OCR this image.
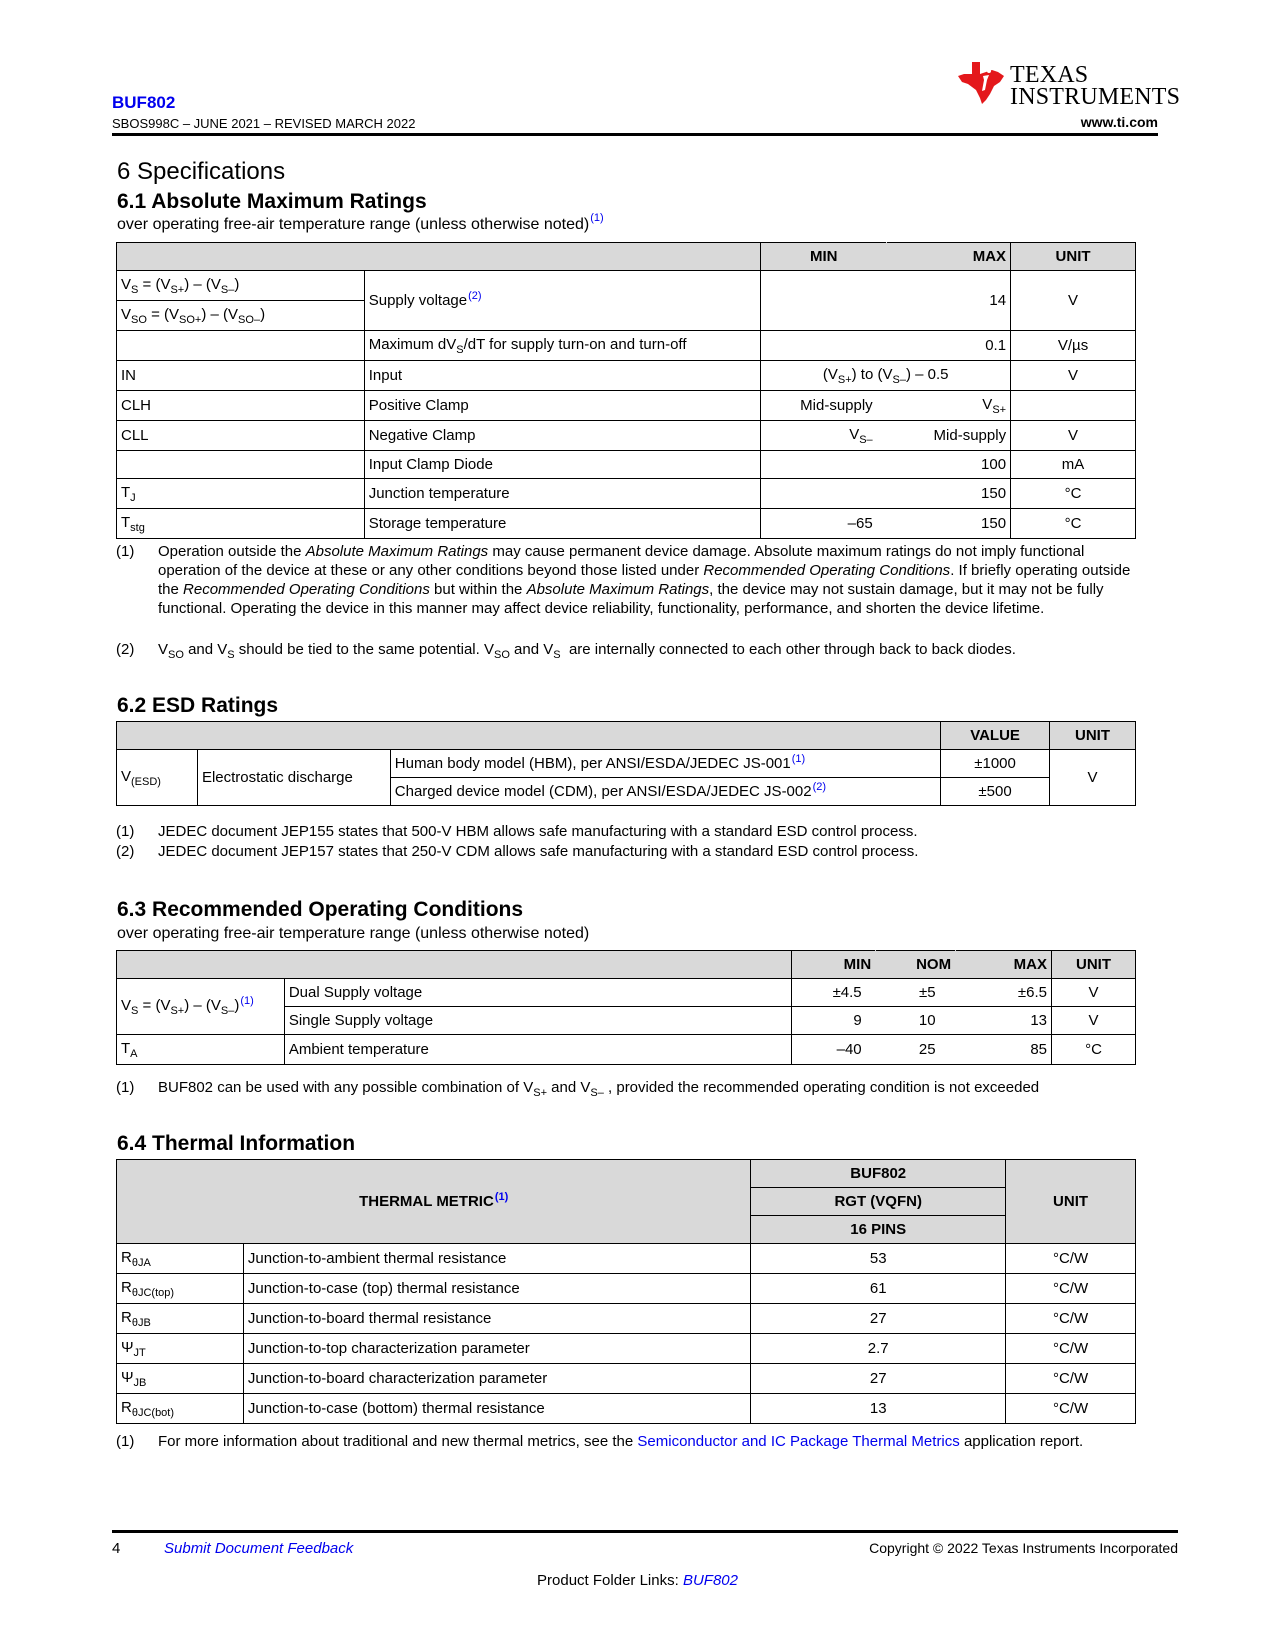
BUF802
SBOS998C – JUNE 2021 – REVISED MARCH 2022
TEXAS
INSTRUMENTS
www.ti.com
6 Specifications
6.1 Absolute Maximum Ratings
over operating free-air temperature range (unless otherwise noted)$^{(1)}$
		MIN	MAX	UNIT
$V_S = (V_{S+}) - (V_{S-})$	Supply voltage$^{(2)}$		14	V
$V_{SO} = (V_{SO+}) - (V_{SO-})$				
	Maximum $dV_S/dT$ for supply turn-on and turn-off		0.1	V/µs
IN	Input	$(V_{S+})$ to $(V_{S-}) - 0.5$		V
CLH	Positive Clamp	Mid-supply	$V_{S+}$	
CLL	Negative Clamp	$V_{S-}$	Mid-supply	V
	Input Clamp Diode		100	mA
$T_J$	Junction temperature		150	°C
$T_{stg}$	Storage temperature	–65	150	°C
(1) Operation outside the Absolute Maximum Ratings may cause permanent device damage. Absolute maximum ratings do not imply functional operation of the device at these or any other conditions beyond those listed under Recommended Operating Conditions. If briefly operating outside the Recommended Operating Conditions but within the Absolute Maximum Ratings, the device may not sustain damage, but it may not be fully functional. Operating the device in this manner may affect device reliability, functionality, performance, and shorten the device lifetime.
(2) $V_{SO}$ and $V_S$ should be tied to the same potential. $V_{SO}$ and $V_S$  are internally connected to each other through back to back diodes.
6.2 ESD Ratings
			VALUE	UNIT
$V_{(ESD)}$	Electrostatic discharge	Human body model (HBM), per ANSI/ESDA/JEDEC JS-001$^{(1)}$	±1000	V
		Charged device model (CDM), per ANSI/ESDA/JEDEC JS-002$^{(2)}$	±500	
(1) JEDEC document JEP155 states that 500-V HBM allows safe manufacturing with a standard ESD control process.
(2) JEDEC document JEP157 states that 250-V CDM allows safe manufacturing with a standard ESD control process.
6.3 Recommended Operating Conditions
over operating free-air temperature range (unless otherwise noted)
		MIN	NOM	MAX	UNIT
$V_S = (V_{S+}) - (V_{S-})^{(1)}$	Dual Supply voltage	±4.5	±5	±6.5	V
	Single Supply voltage	9	10	13	V
$T_A$	Ambient temperature	–40	25	85	°C
(1) BUF802 can be used with any possible combination of $V_{S+}$ and $V_{S-}$ , provided the recommended operating condition is not exceeded
6.4 Thermal Information
THERMAL METRIC$^{(1)}$		BUF802	UNIT
		RGT (VQFN)	
		16 PINS	
$R_{\theta JA}$	Junction-to-ambient thermal resistance	53	°C/W
$R_{\theta JC(top)}$	Junction-to-case (top) thermal resistance	61	°C/W
$R_{\theta JB}$	Junction-to-board thermal resistance	27	°C/W
$\Psi_{JT}$	Junction-to-top characterization parameter	2.7	°C/W
$\Psi_{JB}$	Junction-to-board characterization parameter	27	°C/W
$R_{\theta JC(bot)}$	Junction-to-case (bottom) thermal resistance	13	°C/W
(1) For more information about traditional and new thermal metrics, see the Semiconductor and IC Package Thermal Metrics application report.
4	Submit Document Feedback	Copyright © 2022 Texas Instruments Incorporated
Product Folder Links: BUF802
